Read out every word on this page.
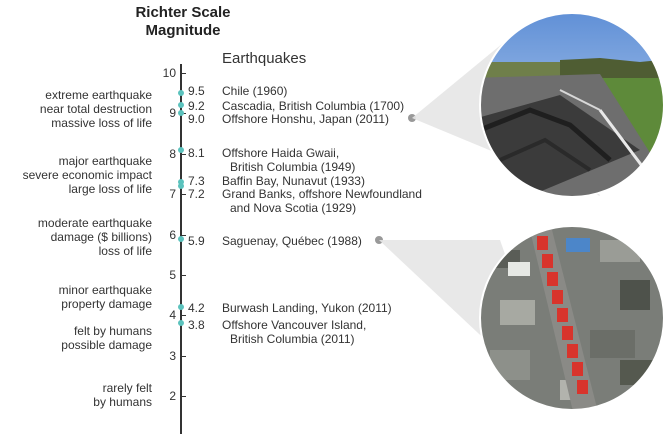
Richter Scale
Magnitude
Earthquakes
10
9
8
7
6
5
4
3
2
extreme earthquake
near total destruction
massive loss of life
major earthquake
severe economic impact
large loss of life
moderate earthquake
damage ($ billions)
loss of life
minor earthquake
property damage
felt by humans
possible damage
rarely felt
by humans
9.5 Chile (1960)
9.2 Cascadia, British Columbia (1700)
9.0 Offshore Honshu, Japan (2011)
8.1 Offshore Haida Gwaii,
British Columbia (1949)
7.3 Baffin Bay, Nunavut (1933)
7.2 Grand Banks, offshore Newfoundland
and Nova Scotia (1929)
5.9 Saguenay, Québec (1988)
4.2 Burwash Landing, Yukon (2011)
3.8 Offshore Vancouver Island,
British Columbia (2011)
